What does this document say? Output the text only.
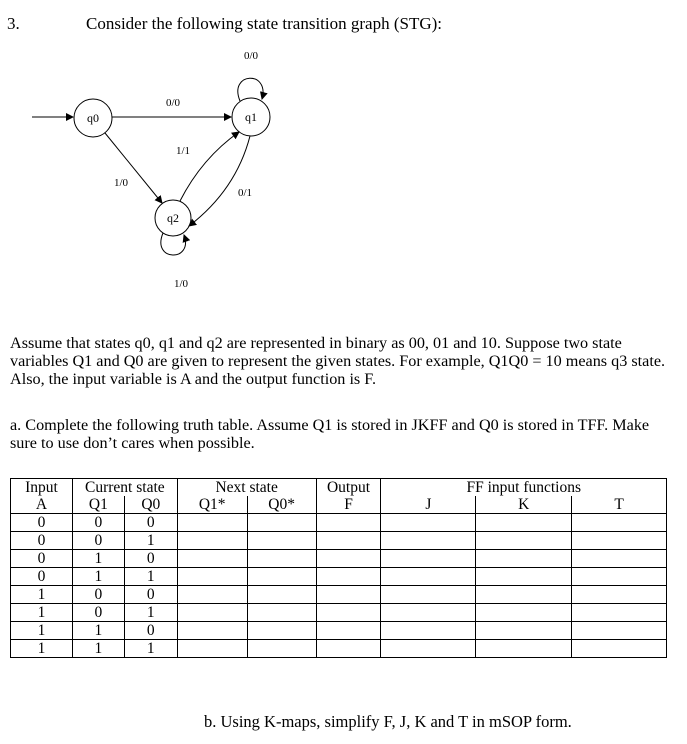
3.	Consider the following state transition graph (STG):
q0	q1
q2
0/0
0/0
1/1
1/0
0/1
1/0
Assume that states q0, q1 and q2 are represented in binary as 00, 01 and 10. Suppose two state variables Q1 and Q0 are given to represent the given states. For example, Q1Q0 = 10 means q3 state. Also, the input variable is A and the output function is F.
a. Complete the following truth table. Assume Q1 is stored in JKFF and Q0 is stored in TFF. Make sure to use don’t cares when possible.
Input	Current state		Next state		Output	FF input functions		
A	Q1	Q0	Q1*	Q0*	F	J	K	T
0	0	0						
0	0	1						
0	1	0						
0	1	1						
1	0	0						
1	0	1						
1	1	0						
1	1	1						
b. Using K-maps, simplify F, J, K and T in mSOP form.
